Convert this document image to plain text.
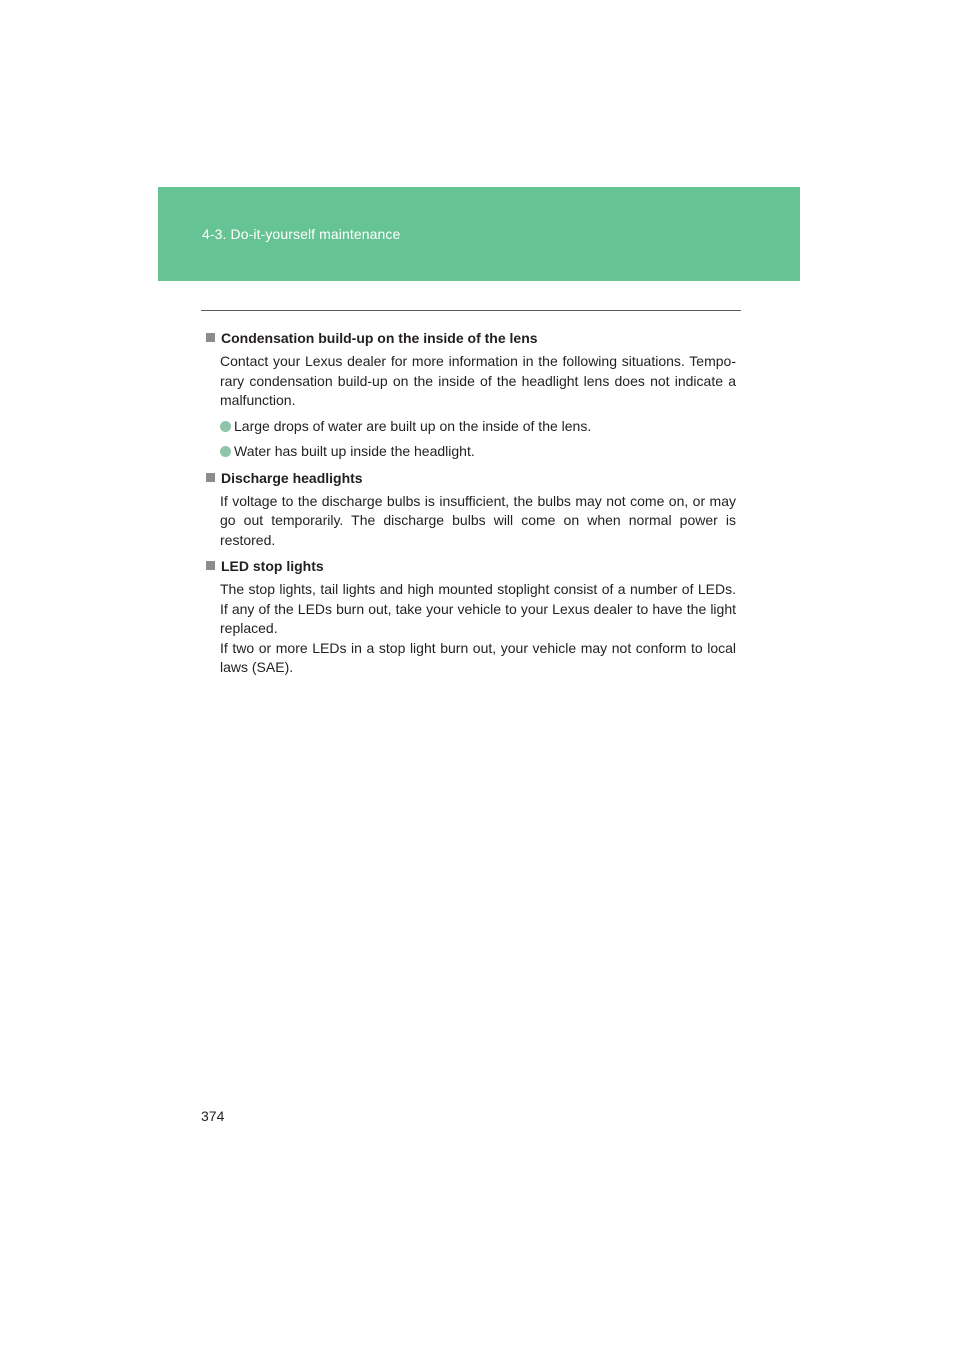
4-3. Do-it-yourself maintenance
Condensation build-up on the inside of the lens

Contact your Lexus dealer for more information in the following situations. Tempo-rary condensation build-up on the inside of the headlight lens does not indicate a malfunction.

Large drops of water are built up on the inside of the lens.
Water has built up inside the headlight.
Discharge headlights

If voltage to the discharge bulbs is insufficient, the bulbs may not come on, or may go out temporarily. The discharge bulbs will come on when normal power is restored.

LED stop lights

The stop lights, tail lights and high mounted stoplight consist of a number of LEDs. If any of the LEDs burn out, take your vehicle to your Lexus dealer to have the light replaced.

If two or more LEDs in a stop light burn out, your vehicle may not conform to local laws (SAE).

374
